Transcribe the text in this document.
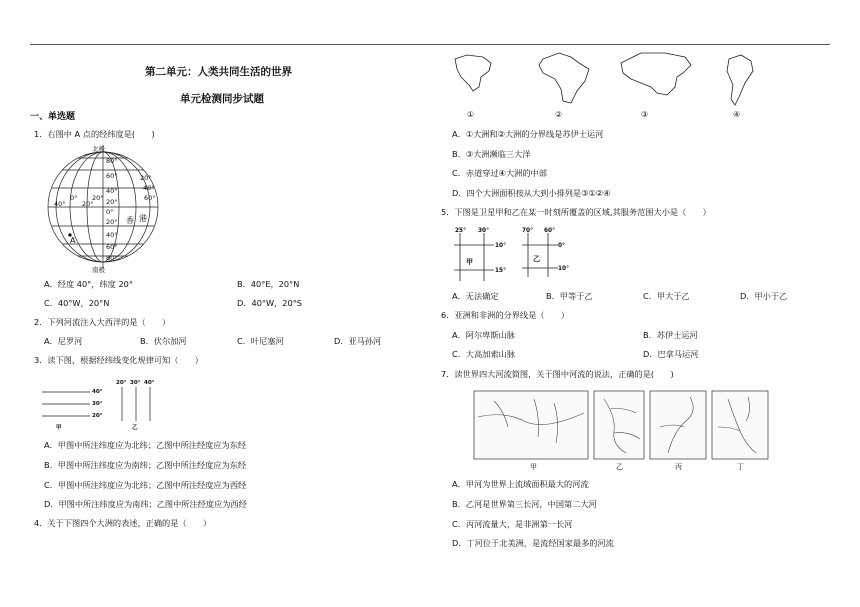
第二单元：人类共同生活的世界
单元检测同步试题
一、单选题
1．右图中 A 点的经纬度是(　　)
北极
南极
A
80°
60°
40°
20°
0°
20°
40°
60°
80°
20°
40°
60°
0°
20°
40°
20°
香 港
A．经度 40°，纬度 20°	B．40°E，20°N
C．40°W，20°N	D．40°W，20°S
2．下列河流注入大西洋的是（　　）
A．尼罗河	B．伏尔加河	C．叶尼塞河	D．亚马孙河
3．读下图，根据经纬线变化规律可知（　　）
40°
30°
20°
20° 30° 40°
甲	乙
A．甲图中所注纬度应为北纬；乙图中所注经度应为东经
B．甲图中所注纬度应为南纬；乙图中所注经度应为东经
C．甲图中所注纬度应为北纬；乙图中所注经度应为西经
D．甲图中所注纬度应为南纬；乙图中所注经度应为西经
4．关于下图四个大洲的表述，正确的是（　　）
①	②	③	④
A．①大洲和②大洲的分界线是苏伊士运河
B．③大洲濒临三大洋
C．赤道穿过④大洲的中部
D．四个大洲面积按从大到小排列是③①②④
5．下图是卫星甲和乙在某一时刻所覆盖的区域,其服务范围大小是（　　）
25° 30°
10°
15°
甲
70° 60°
0°
10°
乙
A．无法确定	B．甲等于乙	C．甲大于乙	D．甲小于乙
6．亚洲和非洲的分界线是（　　）
A．阿尔卑斯山脉	B．苏伊士运河
C．大高加索山脉	D．巴拿马运河
7．读世界四大河流简图，关于图中河流的说法，正确的是(　　)
甲	乙	丙	丁
A．甲河为世界上流域面积最大的河流
B．乙河是世界第三长河，中国第二大河
C．丙河流量大，是非洲第一长河
D．丁河位于北美洲，是流经国家最多的河流
